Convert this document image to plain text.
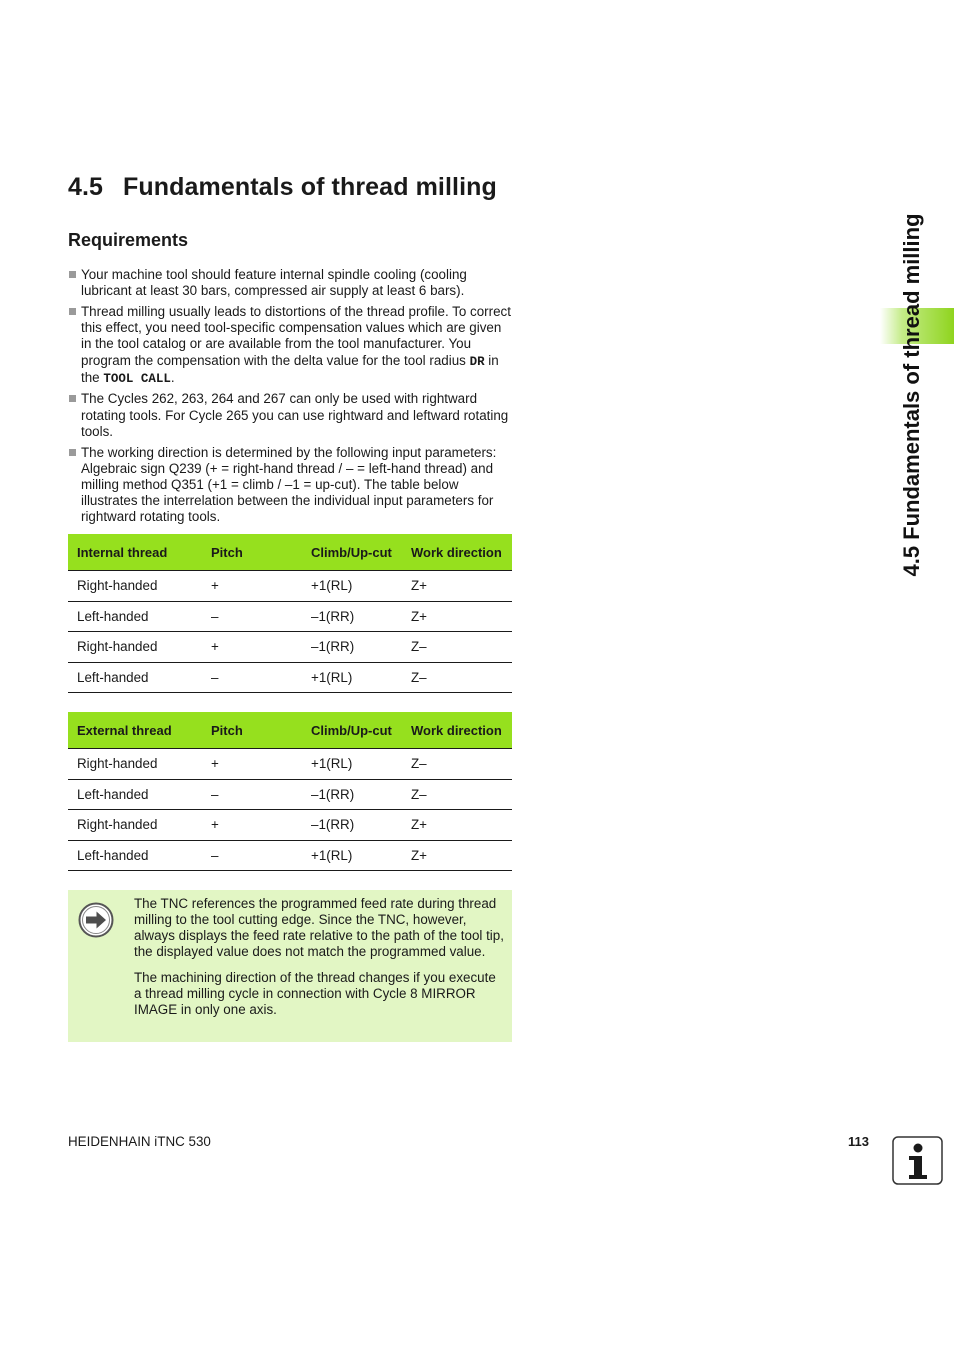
4.5 Fundamentals of thread milling
Requirements
Your machine tool should feature internal spindle cooling (cooling lubricant at least 30 bars, compressed air supply at least 6 bars).
Thread milling usually leads to distortions of the thread profile. To correct this effect, you need tool-specific compensation values which are given in the tool catalog or are available from the tool manufacturer. You program the compensation with the delta value for the tool radius DR in the TOOL CALL.
The Cycles 262, 263, 264 and 267 can only be used with rightward rotating tools. For Cycle 265 you can use rightward and leftward rotating tools.
The working direction is determined by the following input parameters: Algebraic sign Q239 (+ = right-hand thread / – = left-hand thread) and milling method Q351 (+1 = climb / –1 = up-cut). The table below illustrates the interrelation between the individual input parameters for rightward rotating tools.
Internal thread	Pitch	Climb/Up-cut	Work direction
Right-handed	+	+1(RL)	Z+
Left-handed	–	–1(RR)	Z+
Right-handed	+	–1(RR)	Z–
Left-handed	–	+1(RL)	Z–
External thread	Pitch	Climb/Up-cut	Work direction
Right-handed	+	+1(RL)	Z–
Left-handed	–	–1(RR)	Z–
Right-handed	+	–1(RR)	Z+
Left-handed	–	+1(RL)	Z+

The TNC references the programmed feed rate during thread milling to the tool cutting edge. Since the TNC, however, always displays the feed rate relative to the path of the tool tip, the displayed value does not match the programmed value.

The machining direction of the thread changes if you execute a thread milling cycle in connection with Cycle 8 MIRROR IMAGE in only one axis.

4.5 Fundamentals of thread milling
HEIDENHAIN iTNC 530	113
